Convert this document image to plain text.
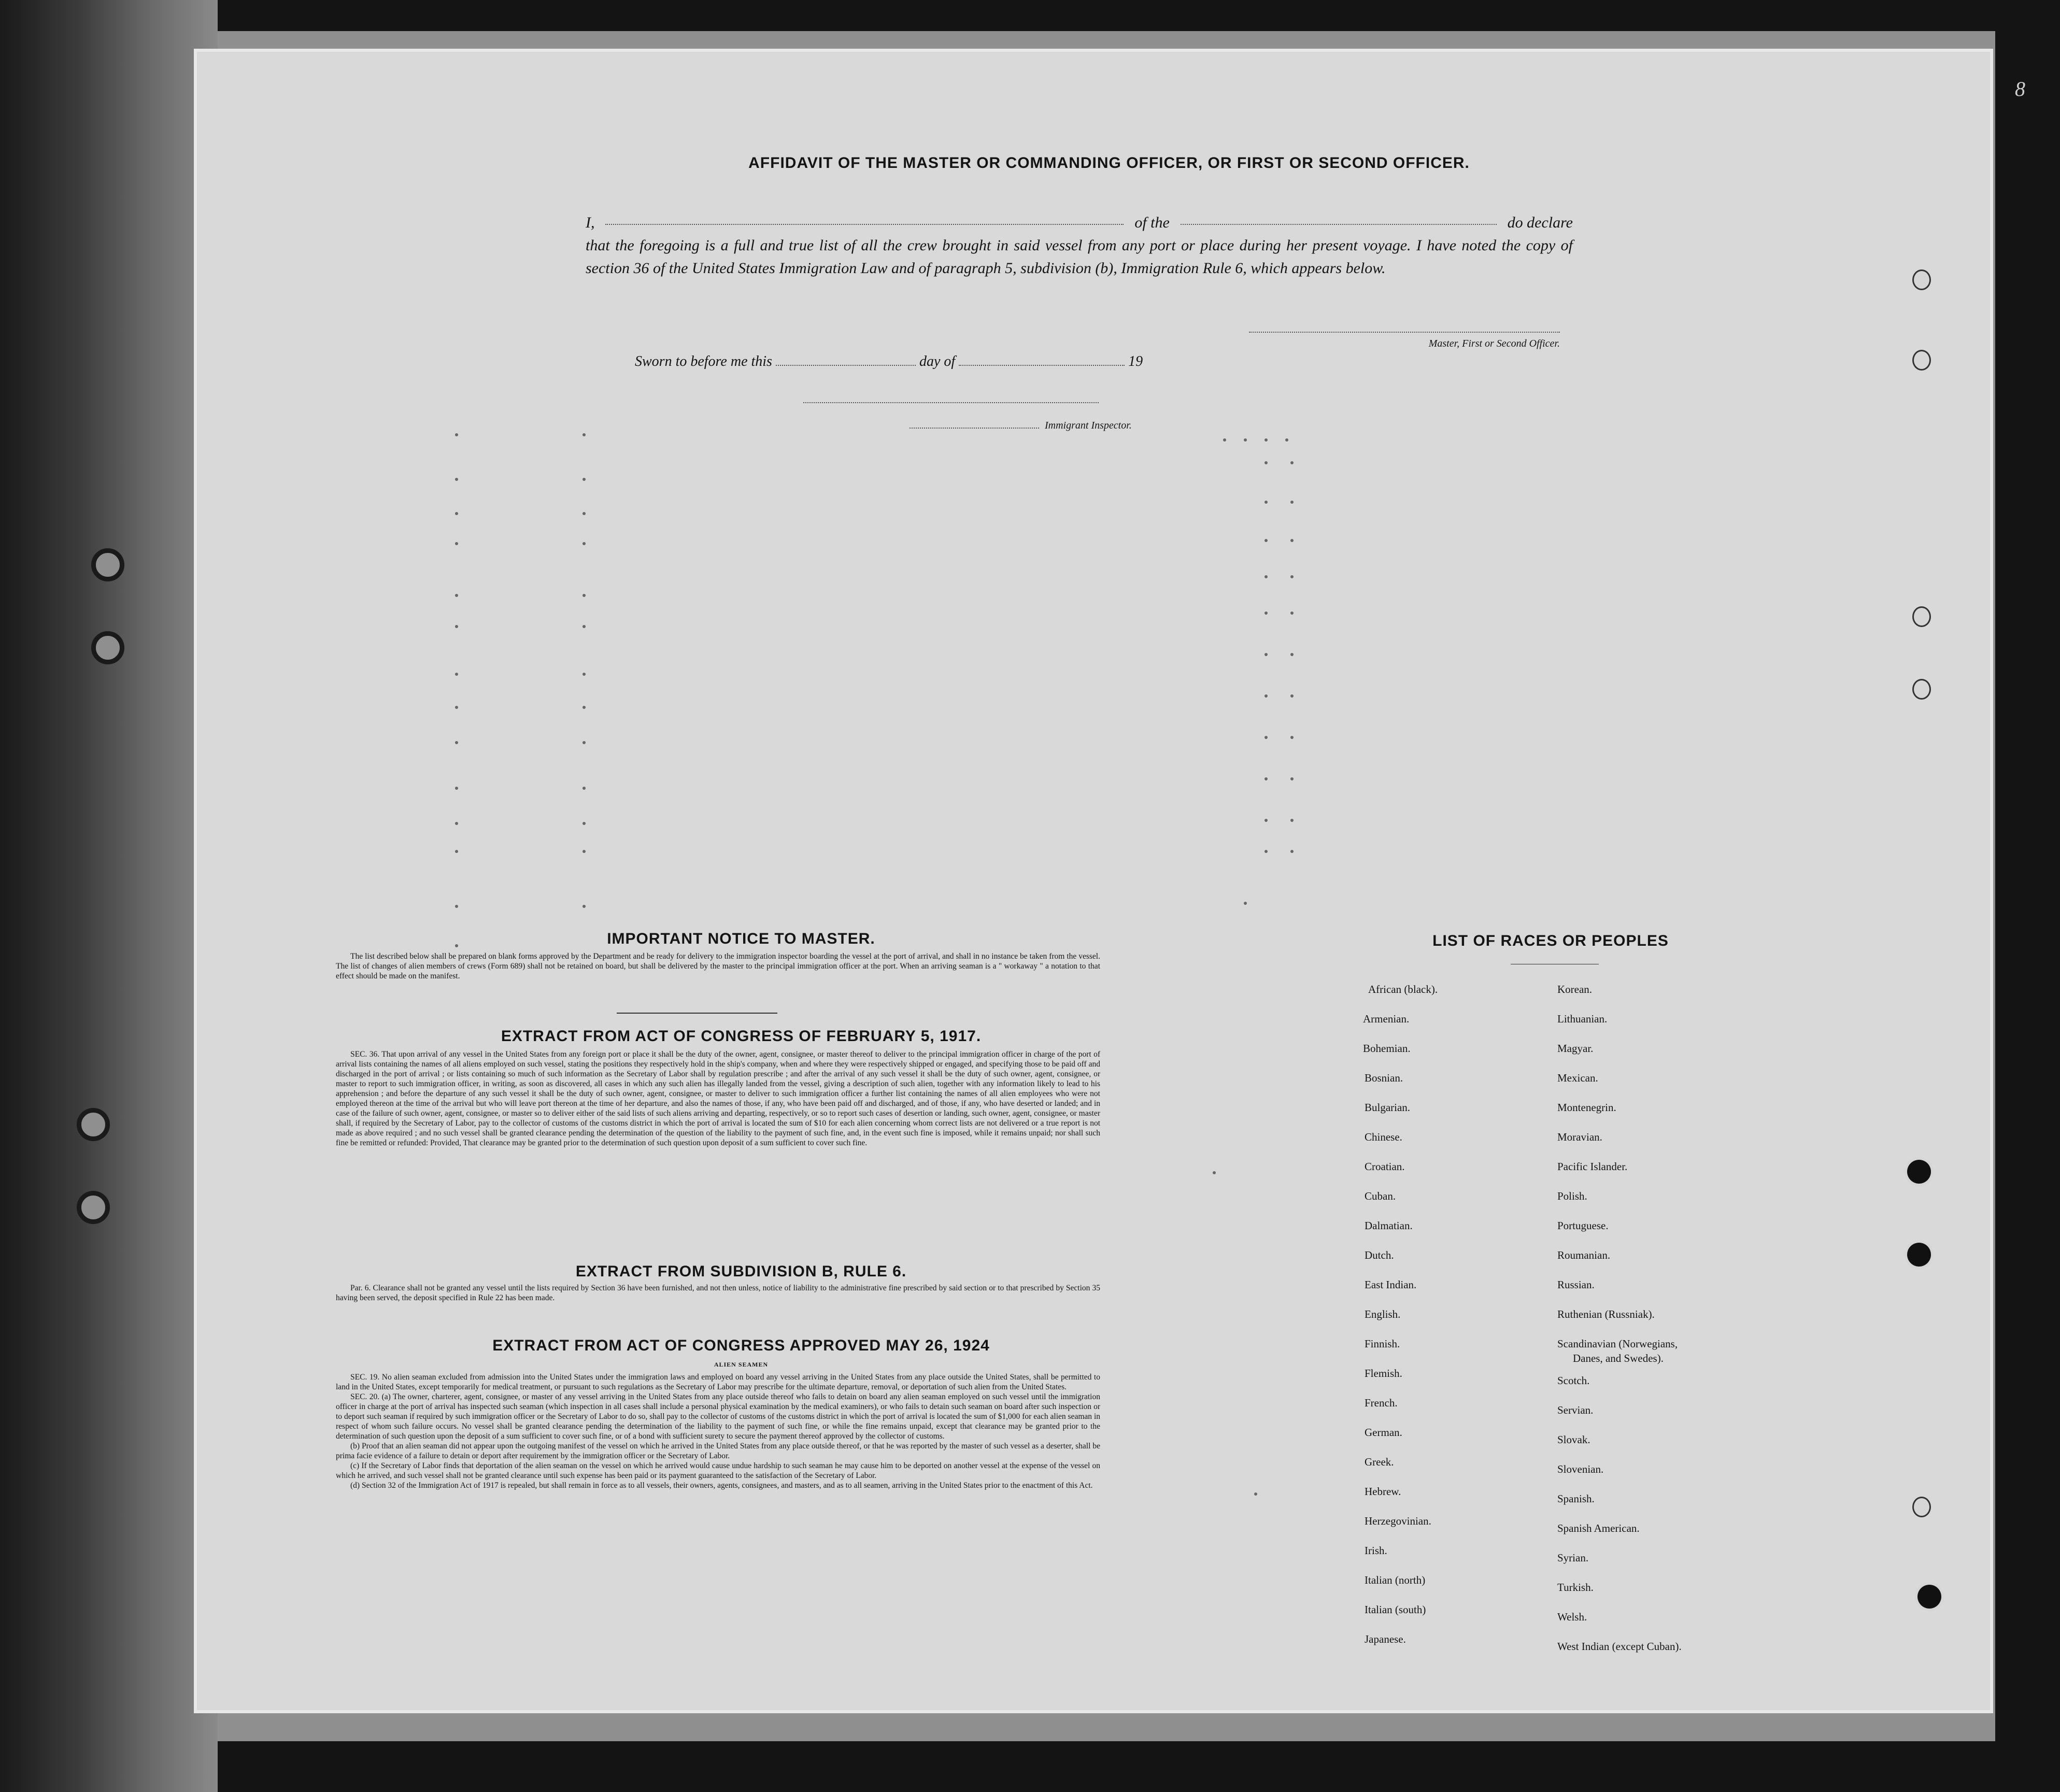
8
AFFIDAVIT OF THE MASTER OR COMMANDING OFFICER, OR FIRST OR SECOND OFFICER.
I,	of the	do declare
that the foregoing is a full and true list of all the crew brought in said vessel from any port or place during her present voyage. I have noted the copy of section 36 of the United States Immigration Law and of paragraph 5, subdivision (b), Immigration Rule 6, which appears below.
Master, First or Second Officer.
Sworn to before me this	day of	19
Immigrant Inspector.
IMPORTANT NOTICE TO MASTER.
The list described below shall be prepared on blank forms approved by the Department and be ready for delivery to the immigration inspector boarding the vessel at the port of arrival, and shall in no instance be taken from the vessel. The list of changes of alien members of crews (Form 689) shall not be retained on board, but shall be delivered by the master to the principal immigration officer at the port. When an arriving seaman is a " workaway " a notation to that effect should be made on the manifest.
EXTRACT FROM ACT OF CONGRESS OF FEBRUARY 5, 1917.
SEC. 36. That upon arrival of any vessel in the United States from any foreign port or place it shall be the duty of the owner, agent, consignee, or master thereof to deliver to the principal immigration officer in charge of the port of arrival lists containing the names of all aliens employed on such vessel, stating the positions they respectively hold in the ship's company, when and where they were respectively shipped or engaged, and specifying those to be paid off and discharged in the port of arrival ; or lists containing so much of such information as the Secretary of Labor shall by regulation prescribe ; and after the arrival of any such vessel it shall be the duty of such owner, agent, consignee, or master to report to such immigration officer, in writing, as soon as discovered, all cases in which any such alien has illegally landed from the vessel, giving a description of such alien, together with any information likely to lead to his apprehension ; and before the departure of any such vessel it shall be the duty of such owner, agent, consignee, or master to deliver to such immigration officer a further list containing the names of all alien employees who were not employed thereon at the time of the arrival but who will leave port thereon at the time of her departure, and also the names of those, if any, who have been paid off and discharged, and of those, if any, who have deserted or landed; and in case of the failure of such owner, agent, consignee, or master so to deliver either of the said lists of such aliens arriving and departing, respectively, or so to report such cases of desertion or landing, such owner, agent, consignee, or master shall, if required by the Secretary of Labor, pay to the collector of customs of the customs district in which the port of arrival is located the sum of $10 for each alien concerning whom correct lists are not delivered or a true report is not made as above required ; and no such vessel shall be granted clearance pending the determination of the question of the liability to the payment of such fine, and, in the event such fine is imposed, while it remains unpaid; nor shall such fine be remitted or refunded: Provided, That clearance may be granted prior to the determination of such question upon deposit of a sum sufficient to cover such fine.
EXTRACT FROM SUBDIVISION B, RULE 6.
Par. 6. Clearance shall not be granted any vessel until the lists required by Section 36 have been furnished, and not then unless, notice of liability to the administrative fine prescribed by said section or to that prescribed by Section 35 having been served, the deposit specified in Rule 22 has been made.
EXTRACT FROM ACT OF CONGRESS APPROVED MAY 26, 1924
ALIEN SEAMEN

SEC. 19. No alien seaman excluded from admission into the United States under the immigration laws and employed on board any vessel arriving in the United States from any place outside the United States, shall be permitted to land in the United States, except temporarily for medical treatment, or pursuant to such regulations as the Secretary of Labor may prescribe for the ultimate departure, removal, or deportation of such alien from the United States.

SEC. 20. (a) The owner, charterer, agent, consignee, or master of any vessel arriving in the United States from any place outside thereof who fails to detain on board any alien seaman employed on such vessel until the immigration officer in charge at the port of arrival has inspected such seaman (which inspection in all cases shall include a personal physical examination by the medical examiners), or who fails to detain such seaman on board after such inspection or to deport such seaman if required by such immigration officer or the Secretary of Labor to do so, shall pay to the collector of customs of the customs district in which the port of arrival is located the sum of $1,000 for each alien seaman in respect of whom such failure occurs. No vessel shall be granted clearance pending the determination of the liability to the payment of such fine, or while the fine remains unpaid, except that clearance may be granted prior to the determination of such question upon the deposit of a sum sufficient to cover such fine, or of a bond with sufficient surety to secure the payment thereof approved by the collector of customs.

(b) Proof that an alien seaman did not appear upon the outgoing manifest of the vessel on which he arrived in the United States from any place outside thereof, or that he was reported by the master of such vessel as a deserter, shall be prima facie evidence of a failure to detain or deport after requirement by the immigration officer or the Secretary of Labor.

(c) If the Secretary of Labor finds that deportation of the alien seaman on the vessel on which he arrived would cause undue hardship to such seaman he may cause him to be deported on another vessel at the expense of the vessel on which he arrived, and such vessel shall not be granted clearance until such expense has been paid or its payment guaranteed to the satisfaction of the Secretary of Labor.

(d) Section 32 of the Immigration Act of 1917 is repealed, but shall remain in force as to all vessels, their owners, agents, consignees, and masters, and as to all seamen, arriving in the United States prior to the enactment of this Act.

LIST OF RACES OR PEOPLES
African (black).
Armenian.
Bohemian.
Bosnian.
Bulgarian.
Chinese.
Croatian.
Cuban.
Dalmatian.
Dutch.
East Indian.
English.
Finnish.
Flemish.
French.
German.
Greek.
Hebrew.
Herzegovinian.
Irish.
Italian (north)
Italian (south)
Japanese.
Korean.
Lithuanian.
Magyar.
Mexican.
Montenegrin.
Moravian.
Pacific Islander.
Polish.
Portuguese.
Roumanian.
Russian.
Ruthenian (Russniak).
Scandinavian (Norwegians,
Danes, and Swedes).
Scotch.
Servian.
Slovak.
Slovenian.
Spanish.
Spanish American.
Syrian.
Turkish.
Welsh.
West Indian (except Cuban).
